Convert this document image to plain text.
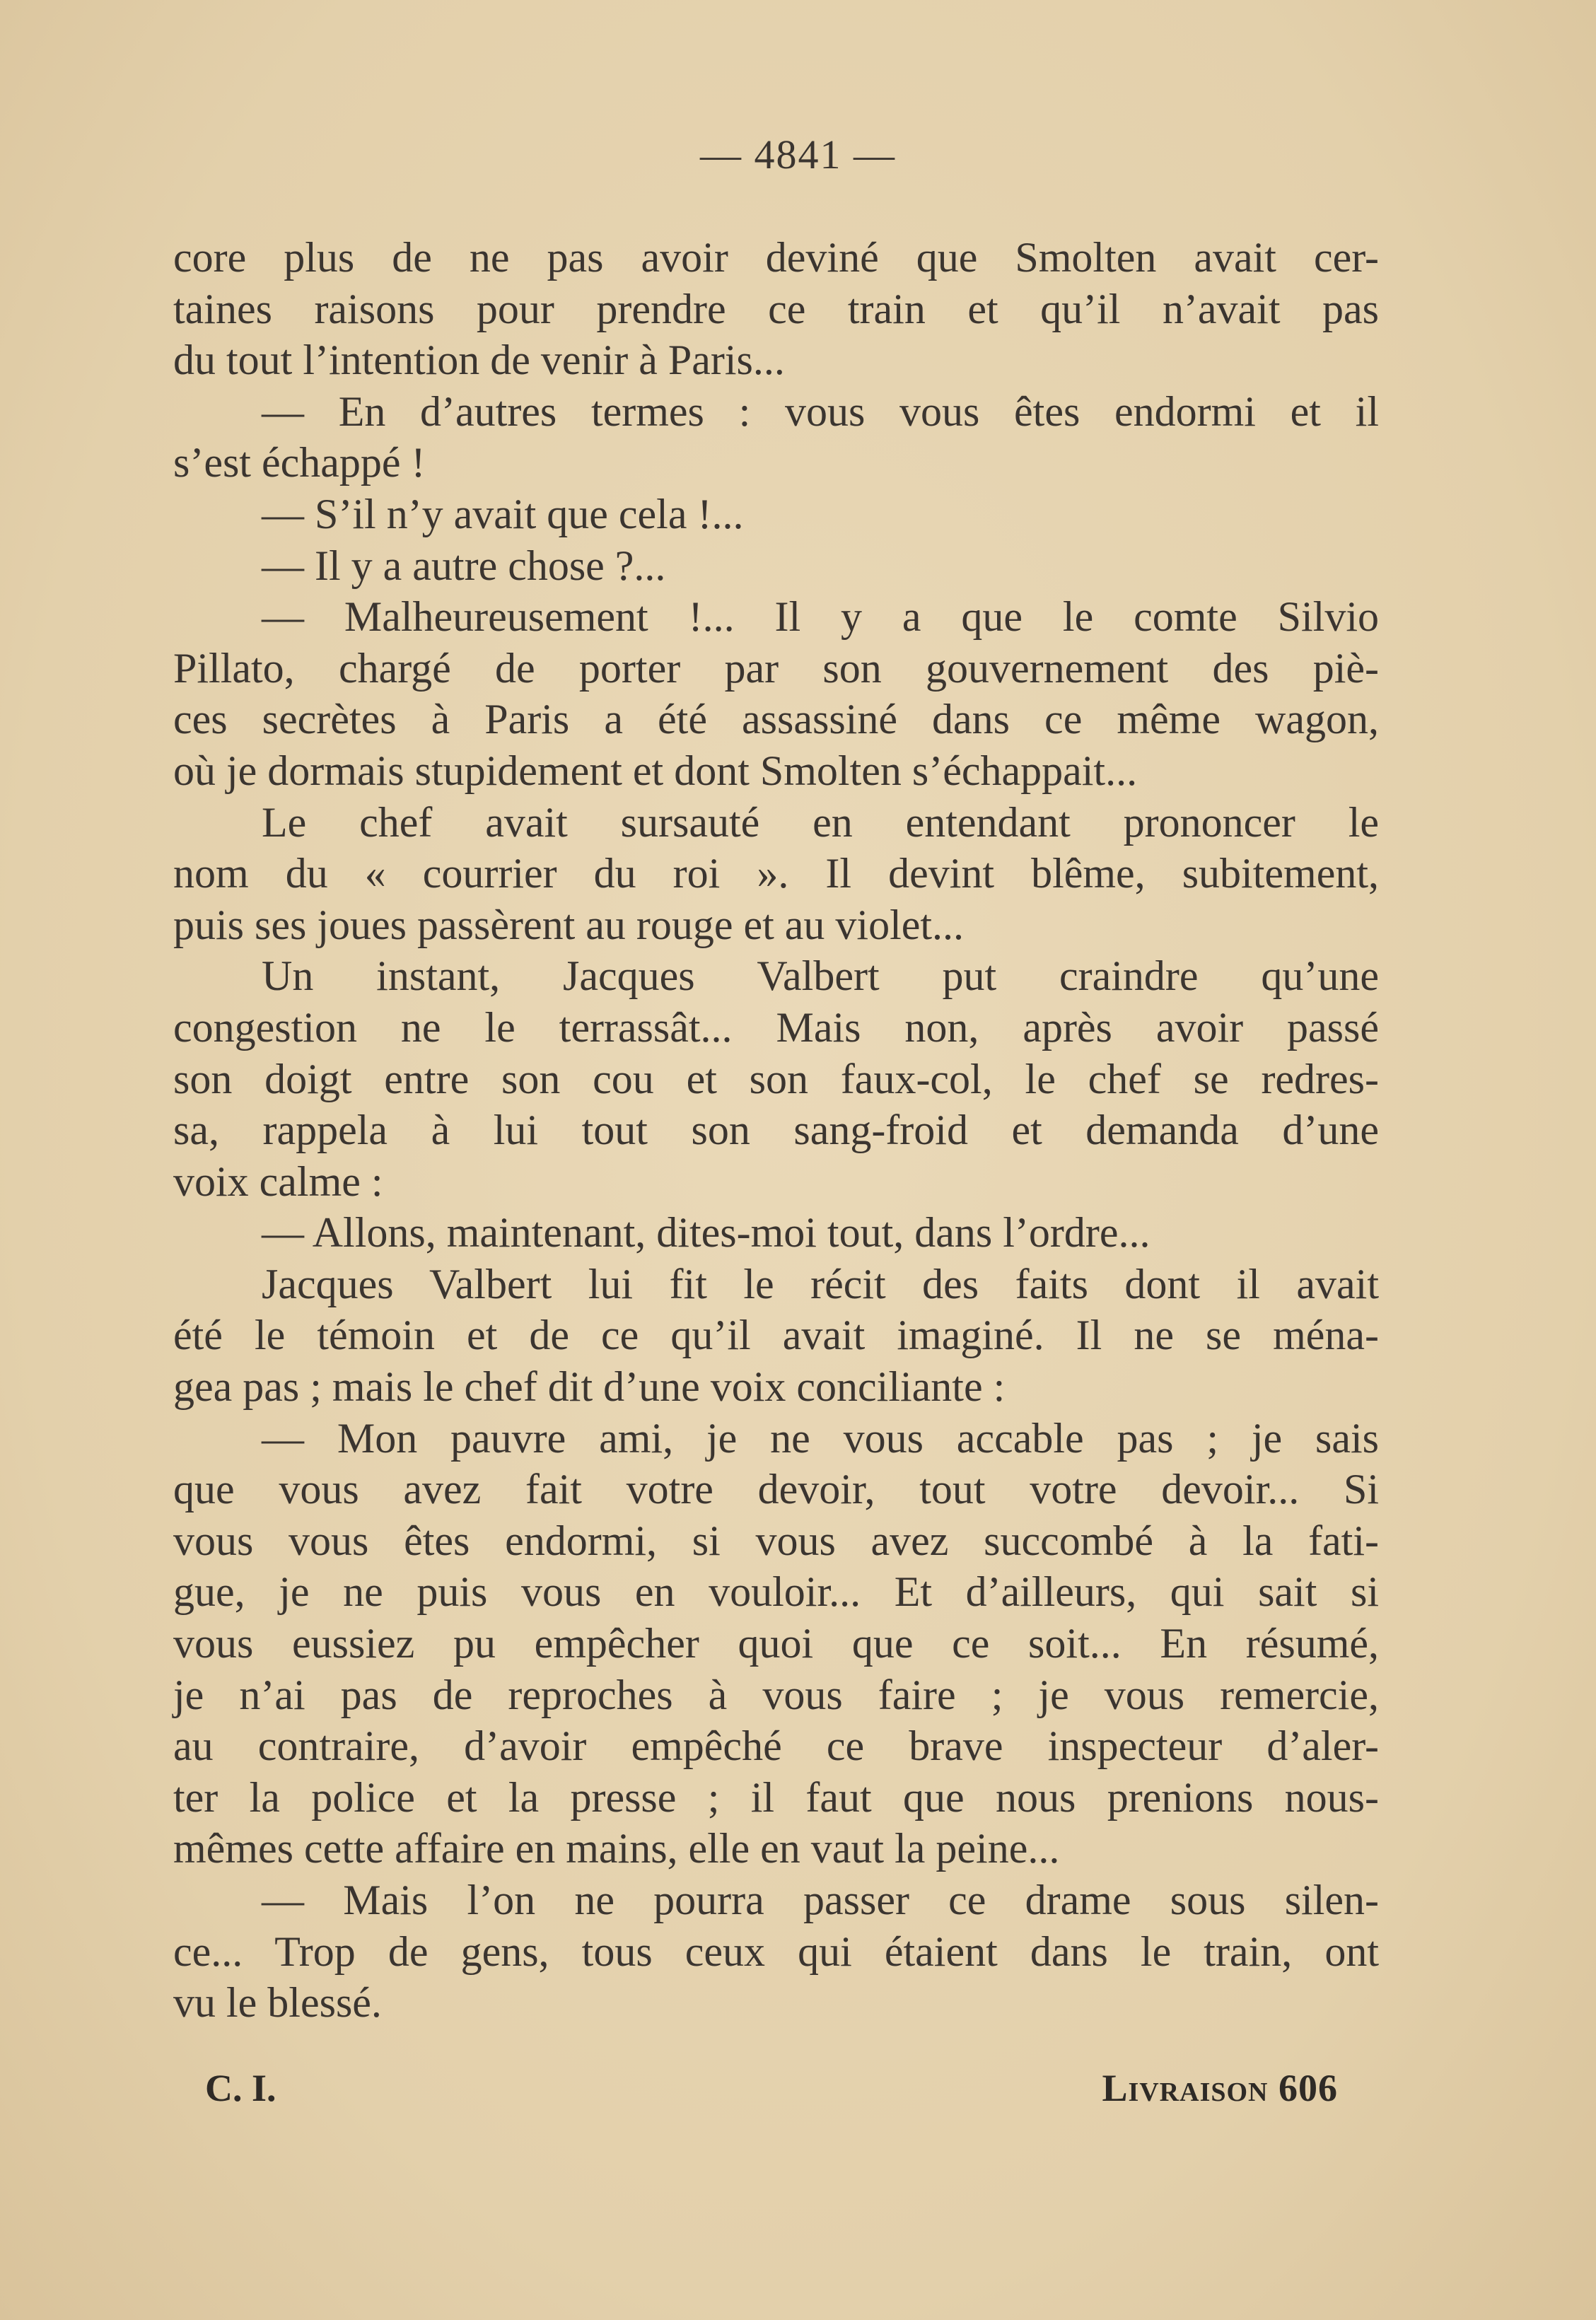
— 4841 —
core plus de ne pas avoir deviné que Smolten avait cer-
taines raisons pour prendre ce train et qu’il n’avait pas
du tout l’intention de venir à Paris...
— En d’autres termes : vous vous êtes endormi et il
s’est échappé !
— S’il n’y avait que cela !...
— Il y a autre chose ?...
— Malheureusement !... Il y a que le comte Silvio
Pillato, chargé de porter par son gouvernement des piè-
ces secrètes à Paris a été assassiné dans ce même wagon,
où je dormais stupidement et dont Smolten s’échappait...
Le chef avait sursauté en entendant prononcer le
nom du « courrier du roi ». Il devint blême, subitement,
puis ses joues passèrent au rouge et au violet...
Un instant, Jacques Valbert put craindre qu’une
congestion ne le terrassât... Mais non, après avoir passé
son doigt entre son cou et son faux-col, le chef se redres-
sa, rappela à lui tout son sang-froid et demanda d’une
voix calme :
— Allons, maintenant, dites-moi tout, dans l’ordre...
Jacques Valbert lui fit le récit des faits dont il avait
été le témoin et de ce qu’il avait imaginé. Il ne se ména-
gea pas ; mais le chef dit d’une voix conciliante :
— Mon pauvre ami, je ne vous accable pas ; je sais
que vous avez fait votre devoir, tout votre devoir... Si
vous vous êtes endormi, si vous avez succombé à la fati-
gue, je ne puis vous en vouloir... Et d’ailleurs, qui sait si
vous eussiez pu empêcher quoi que ce soit... En résumé,
je n’ai pas de reproches à vous faire ; je vous remercie,
au contraire, d’avoir empêché ce brave inspecteur d’aler-
ter la police et la presse ; il faut que nous prenions nous-
mêmes cette affaire en mains, elle en vaut la peine...
— Mais l’on ne pourra passer ce drame sous silen-
ce... Trop de gens, tous ceux qui étaient dans le train, ont
vu le blessé.
C. I.	Livraison 606
